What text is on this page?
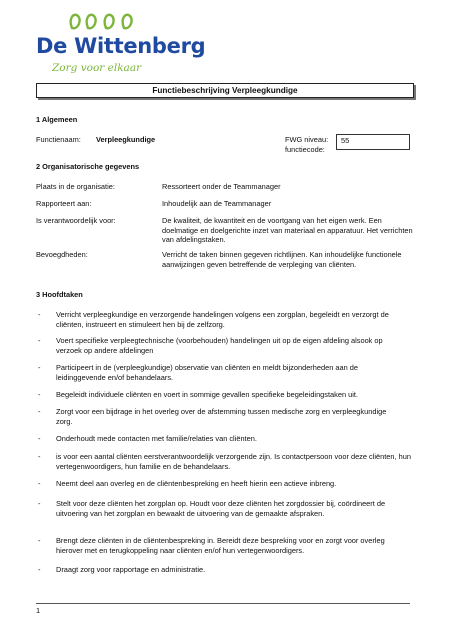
De Wittenberg
Zorg voor elkaar
Functiebeschrijving Verpleegkundige
1 Algemeen
Functienaam: Verpleegkundige	FWG niveau:
functiecode:
55
2 Organisatorische gegevens
Plaats in de organisatie:	Ressorteert onder de Teammanager
Rapporteert aan:	Inhoudelijk aan de Teammanager
Is verantwoordelijk voor:	De kwaliteit, de kwantiteit en de voortgang van het eigen werk. Een doelmatige en doelgerichte inzet van materiaal en apparatuur. Het verrichten van afdelingstaken.
Bevoegdheden:	Verricht de taken binnen gegeven richtlijnen. Kan inhoudelijke functionele aanwijzingen geven betreffende de verpleging van cliënten.
3 Hoofdtaken
- Verricht verpleegkundige en verzorgende handelingen volgens een zorgplan, begeleidt en verzorgt de cliënten, instrueert en stimuleert hen bij de zelfzorg.
- Voert specifieke verpleegtechnische (voorbehouden) handelingen uit op de eigen afdeling alsook op verzoek op andere afdelingen
- Participeert in de (verpleegkundige) observatie van cliënten en meldt bijzonderheden aan de leidinggevende en/of behandelaars.
- Begeleidt individuele cliënten en voert in sommige gevallen specifieke begeleidingstaken uit.
- Zorgt voor een bijdrage in het overleg over de afstemming tussen medische zorg en verpleegkundige zorg.
- Onderhoudt mede contacten met familie/relaties van cliënten.
- is voor een aantal cliënten eerstverantwoordelijk verzorgende zijn. Is contactpersoon voor deze cliënten, hun vertegenwoordigers, hun familie en de behandelaars.
- Neemt deel aan overleg en de cliëntenbespreking en heeft hierin een actieve inbreng.
- Stelt voor deze cliënten het zorgplan op. Houdt voor deze cliënten het zorgdossier bij, coördineert de uitvoering van het zorgplan en bewaakt de uitvoering van de gemaakte afspraken.
- Brengt deze cliënten in de cliëntenbespreking in. Bereidt deze bespreking voor en zorgt voor overleg hierover met en terugkoppeling naar cliënten en/of hun vertegenwoordigers.
- Draagt zorg voor rapportage en administratie.
1
